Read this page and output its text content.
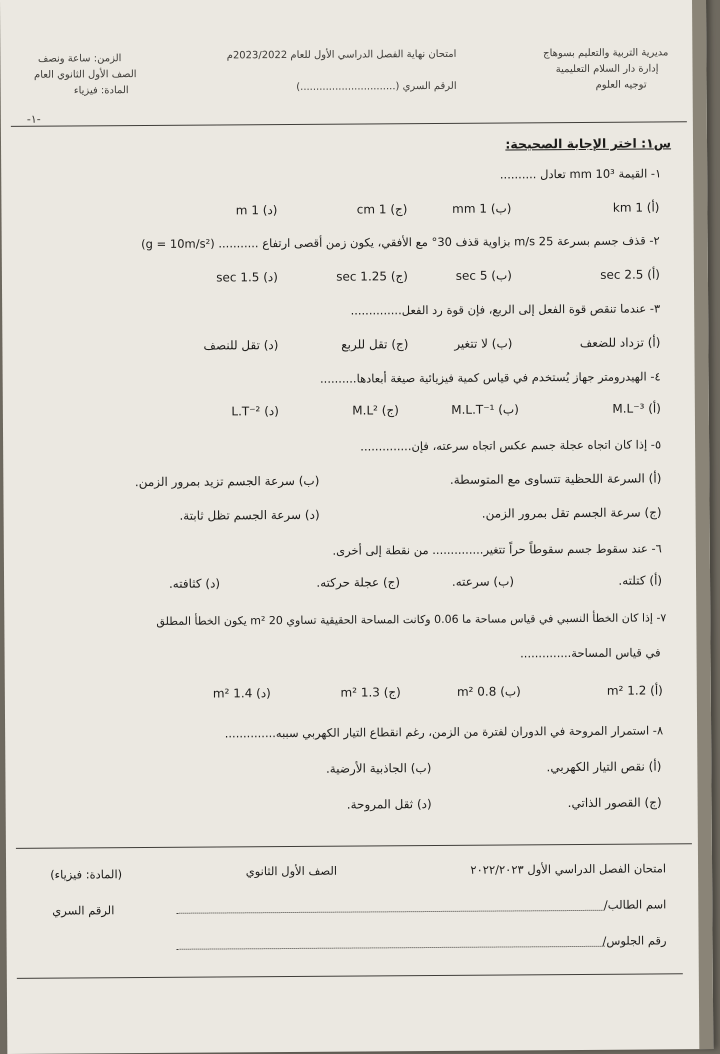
مديرية التربية والتعليم بسوهاج
إدارة دار السلام التعليمية
توجيه العلوم
امتحان نهاية الفصل الدراسي الأول للعام 2023/2022م
الرقم السري (..............................)
الزمن: ساعة ونصف
الصف الأول الثانوي العام
المادة: فيزياء
-١-
س١: اختر الإجابة الصحيحة:
١- القيمة 10³ mm تعادل ..........
(أ) 1 km
(ب) 1 mm
(ج) 1 cm
(د) 1 m
٢- قذف جسم بسرعة 25 m/s بزاوية قذف 30° مع الأفقي، يكون زمن أقصى ارتفاع ........... (g = 10m/s²)
(أ) 2.5 sec
(ب) 5 sec
(ج) 1.25 sec
(د) 1.5 sec
٣- عندما تنقص قوة الفعل إلى الربع، فإن قوة رد الفعل..............
(أ) تزداد للضعف
(ب) لا تتغير
(ج) تقل للربع
(د) تقل للنصف
٤- الهيدرومتر جهاز يُستخدم في قياس كمية فيزيائية صيغة أبعادها..........
(أ) M.L⁻³
(ب) M.L.T⁻¹
(ج) M.L²
(د) L.T⁻²
٥- إذا كان اتجاه عجلة جسم عكس اتجاه سرعته، فإن..............
(أ) السرعة اللحظية تتساوى مع المتوسطة.
(ب) سرعة الجسم تزيد بمرور الزمن.
(ج) سرعة الجسم تقل بمرور الزمن.
(د) سرعة الجسم تظل ثابتة.
٦- عند سقوط جسم سقوطاً حراً تتغير.............. من نقطة إلى أخرى.
(أ) كتلته.
(ب) سرعته.
(ج) عجلة حركته.
(د) كثافته.
٧- إذا كان الخطأ النسبي في قياس مساحة ما 0.06 وكانت المساحة الحقيقية تساوي 20 m² يكون الخطأ المطلق
في قياس المساحة..............
(أ) 1.2 m²
(ب) 0.8 m²
(ج) 1.3 m²
(د) 1.4 m²
٨- استمرار المروحة في الدوران لفترة من الزمن، رغم انقطاع التيار الكهربي سببه..............
(أ) نقص التيار الكهربي.
(ب) الجاذبية الأرضية.
(ج) القصور الذاتي.
(د) ثقل المروحة.
امتحان الفصل الدراسي الأول ٢٠٢٢/٢٠٢٣
الصف الأول الثانوي
(المادة: فيزياء)
اسم الطالب/
الرقم السري
رقم الجلوس/
